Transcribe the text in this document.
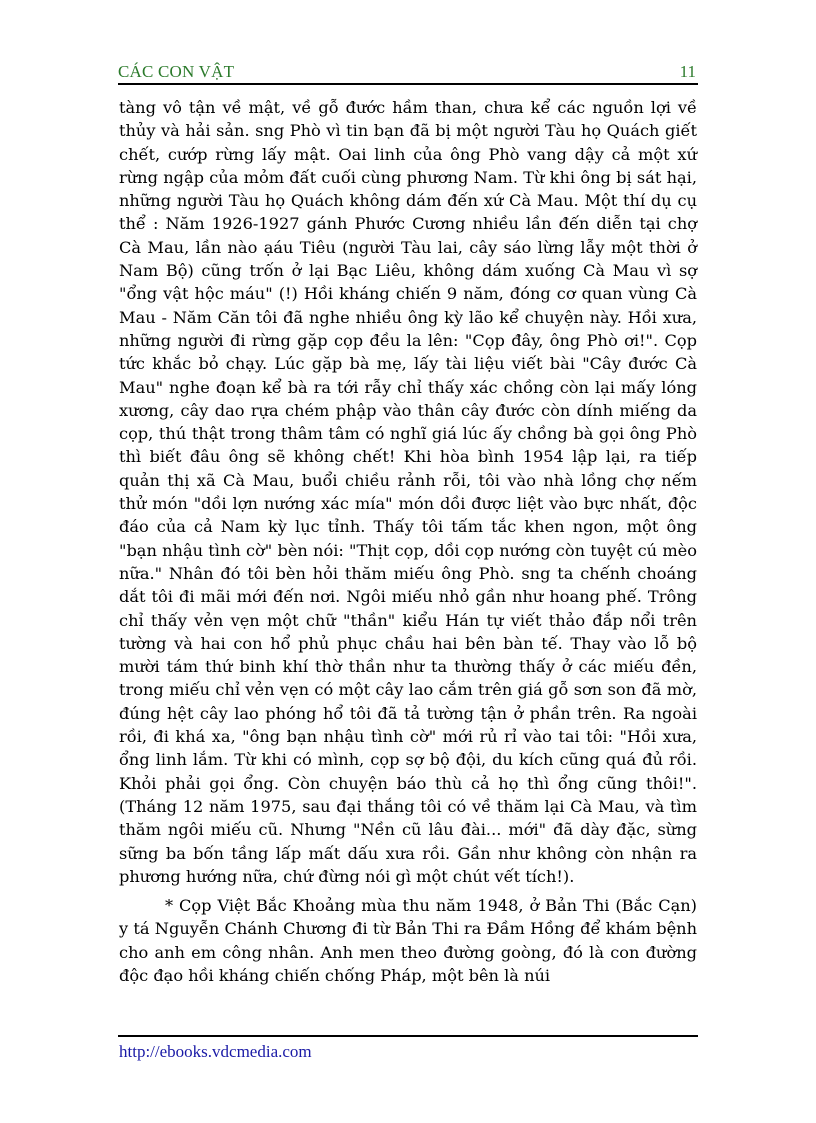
CÁC CON VẬT	11

tàng vô tận về mật, về gỗ đước hầm than, chưa kể các nguồn lợi về thủy và hải sản. sng Phò vì tin bạn đã bị một người Tàu họ Quách giết chết, cướp rừng lấy mật. Oai linh của ông Phò vang dậy cả một xứ rừng ngập của mỏm đất cuối cùng phương Nam. Từ khi ông bị sát hại, những người Tàu họ Quách không dám đến xứ Cà Mau. Một thí dụ cụ thể : Năm 1926-1927 gánh Phước Cương nhiều lần đến diễn tại chợ Cà Mau, lần nào ạáu Tiêu (người Tàu lai, cây sáo lừng lẫy một thời ở Nam Bộ) cũng trốn ở lại Bạc Liêu, không dám xuống Cà Mau vì sợ "ổng vật hộc máu" (!) Hồi kháng chiến 9 năm, đóng cơ quan vùng Cà Mau - Năm Căn tôi đã nghe nhiều ông kỳ lão kể chuyện này. Hồi xưa, những người đi rừng gặp cọp đều la lên: "Cọp đây, ông Phò ơi!". Cọp tức khắc bỏ chạy. Lúc gặp bà mẹ, lấy tài liệu viết bài "Cây đước Cà Mau" nghe đoạn kể bà ra tới rẫy chỉ thấy xác chồng còn lại mấy lóng xương, cây dao rựa chém phập vào thân cây đước còn dính miếng da cọp, thú thật trong thâm tâm có nghĩ giá lúc ấy chồng bà gọi ông Phò thì biết đâu ông sẽ không chết! Khi hòa bình 1954 lập lại, ra tiếp quản thị xã Cà Mau, buổi chiều rảnh rỗi, tôi vào nhà lồng chợ nếm thử món "dồi lợn nướng xác mía" món dồi được liệt vào bực nhất, độc đáo của cả Nam kỳ lục tỉnh. Thấy tôi tấm tắc khen ngon, một ông "bạn nhậu tình cờ" bèn nói: "Thịt cọp, dồi cọp nướng còn tuyệt cú mèo nữa." Nhân đó tôi bèn hỏi thăm miếu ông Phò. sng ta chếnh choáng dắt tôi đi mãi mới đến nơi. Ngôi miếu nhỏ gần như hoang phế. Trông chỉ thấy vẻn vẹn một chữ "thần" kiểu Hán tự viết thảo đắp nổi trên tường và hai con hổ phủ phục chầu hai bên bàn tế. Thay vào lỗ bộ mười tám thứ binh khí thờ thần như ta thường thấy ở các miếu đền, trong miếu chỉ vẻn vẹn có một cây lao cắm trên giá gỗ sơn son đã mờ, đúng hệt cây lao phóng hổ tôi đã tả tường tận ở phần trên. Ra ngoài rồi, đi khá xa, "ông bạn nhậu tình cờ" mới rủ rỉ vào tai tôi: "Hồi xưa, ổng linh lắm. Từ khi có mình, cọp sợ bộ đội, du kích cũng quá đủ rồi. Khỏi phải gọi ổng. Còn chuyện báo thù cả họ thì ổng cũng thôi!". (Tháng 12 năm 1975, sau đại thắng tôi có về thăm lại Cà Mau, và tìm thăm ngôi miếu cũ. Nhưng "Nền cũ lâu đài... mới" đã dày đặc, sừng sững ba bốn tầng lấp mất dấu xưa rồi. Gần như không còn nhận ra phương hướng nữa, chứ đừng nói gì một chút vết tích!).

* Cọp Việt Bắc Khoảng mùa thu năm 1948, ở Bản Thi (Bắc Cạn) y tá Nguyễn Chánh Chương đi từ Bản Thi ra Đầm Hồng để khám bệnh cho anh em công nhân. Anh men theo đường goòng, đó là con đường độc đạo hồi kháng chiến chống Pháp, một bên là núi

http://ebooks.vdcmedia.com
